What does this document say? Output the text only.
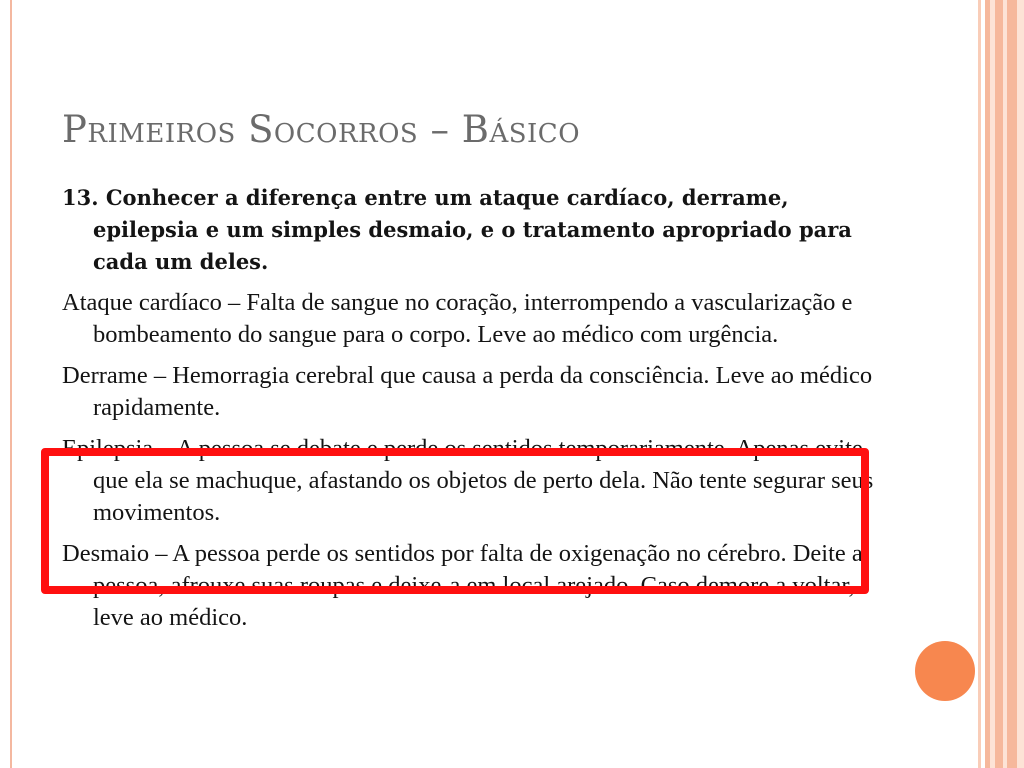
Primeiros Socorros – Básico

13. Conhecer a diferença entre um ataque cardíaco, derrame, epilepsia e um simples desmaio, e o tratamento apropriado para cada um deles.

Ataque cardíaco – Falta de sangue no coração, interrompendo a vascularização e bombeamento do sangue para o corpo. Leve ao médico com urgência.

Derrame – Hemorragia cerebral que causa a perda da consciência. Leve ao médico rapidamente.

Epilepsia – A pessoa se debate e perde os sentidos temporariamente. Apenas evite que ela se machuque, afastando os objetos de perto dela. Não tente segurar seus movimentos.

Desmaio – A pessoa perde os sentidos por falta de oxigenação no cérebro. Deite a pessoa, afrouxe suas roupas e deixe-a em local arejado. Caso demore a voltar, leve ao médico.
